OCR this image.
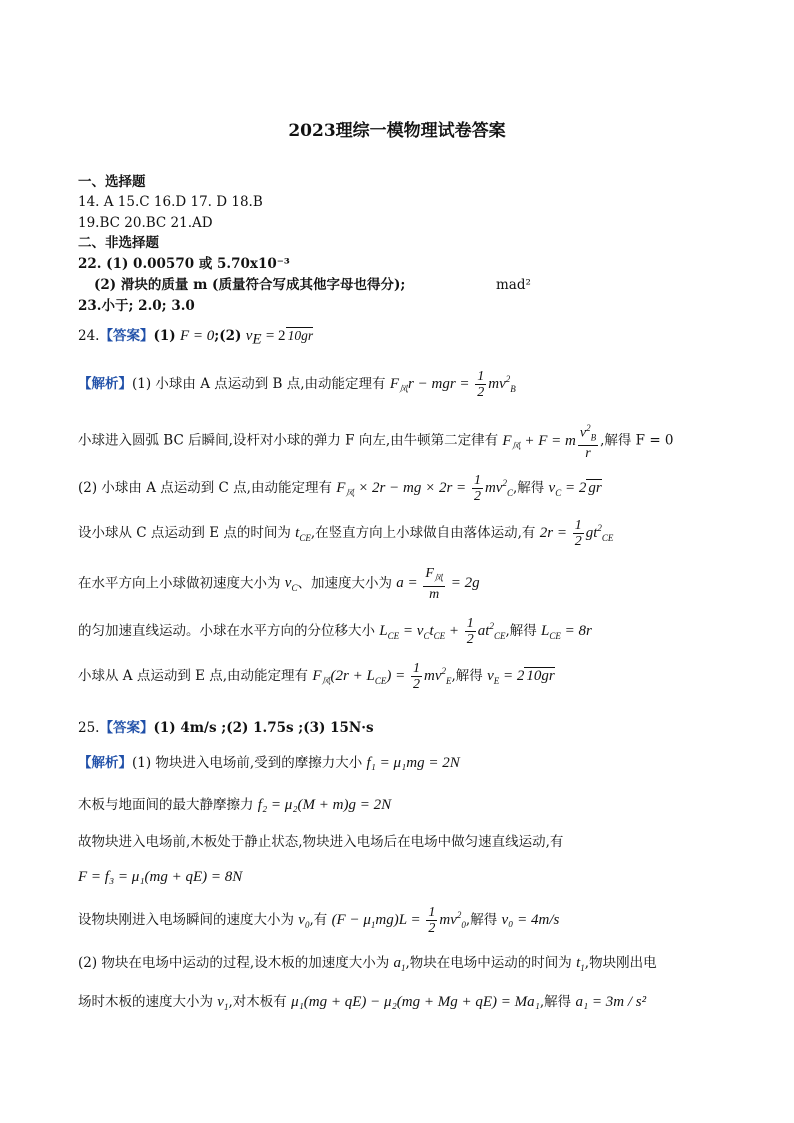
2023理综一模物理试卷答案
一、选择题
14. A 15.C 16.D 17. D 18.B
19.BC 20.BC 21.AD
二、非选择题
22. (1) 0.00570 或 5.70x10⁻³
(2) 滑块的质量 m (质量符合写成其他字母也得分);	mad²
23.小于; 2.0; 3.0
24.【答案】(1) F = 0;(2) $v_E = 2$ 10gr
【解析】(1) 小球由 A 点运动到 B 点,由动能定理有 $F_风r$ − mgr = $\frac{1}{2} mv^2_B$
小球进入圆弧 BC 后瞬间,设杆对小球的弹力 F 向左,由牛顿第二定律有 $F_风 + F = m \frac{v^2_B}{r}$ ,解得 F = 0
(2) 小球由 A 点运动到 C 点,由动能定理有 $F_风 \times 2r$ − mg × $2r = \frac{1}{2} mv^2_C$,解得 $v_C = 2$ gr
设小球从 C 点运动到 E 点的时间为 $t_{CE}$,在竖直方向上小球做自由落体运动,有 $2r = \frac{1}{2} gt^2_{CE}$
在水平方向上小球做初速度大小为 $v_C$、加速度大小为 $a = \frac{F_风}{m} = 2g$
的匀加速直线运动。小球在水平方向的分位移大小 $L_{CE} = v_Ct_{CE} + \frac{1}{2} at^2_{CE}$,解得 $L_{CE} = 8r$
小球从 A 点运动到 E 点,由动能定理有 $F_风(2r + L_{CE}) = \frac{1}{2} mv^2_E$,解得 $v_E = 2$ 10gr
25.【答案】(1) 4m/s ;(2) 1.75s ;(3) 15N·s
【解析】(1) 物块进入电场前,受到的摩擦力大小 f₁ = μ₁mg = 2N
木板与地面间的最大静摩擦力 f₂ = μ₂(M + m)g = 2N
故物块进入电场前,木板处于静止状态,物块进入电场后在电场中做匀速直线运动,有
F = f₃ = μ₁(mg + qE) = 8N
设物块刚进入电场瞬间的速度大小为 $v_0$,有 $(F - \mu_1mg)L = \frac{1}{2} mv^2_0$,解得 v₀ = 4m/s
(2) 物块在电场中运动的过程,设木板的加速度大小为 $a_1$,物块在电场中运动的时间为 $t_1$,物块刚出电
场时木板的速度大小为 $v_1$,对木板有 μ₁(mg + qE) − μ₂(mg + Mg + qE) = Ma₁,解得 a₁ = 3m / s²
